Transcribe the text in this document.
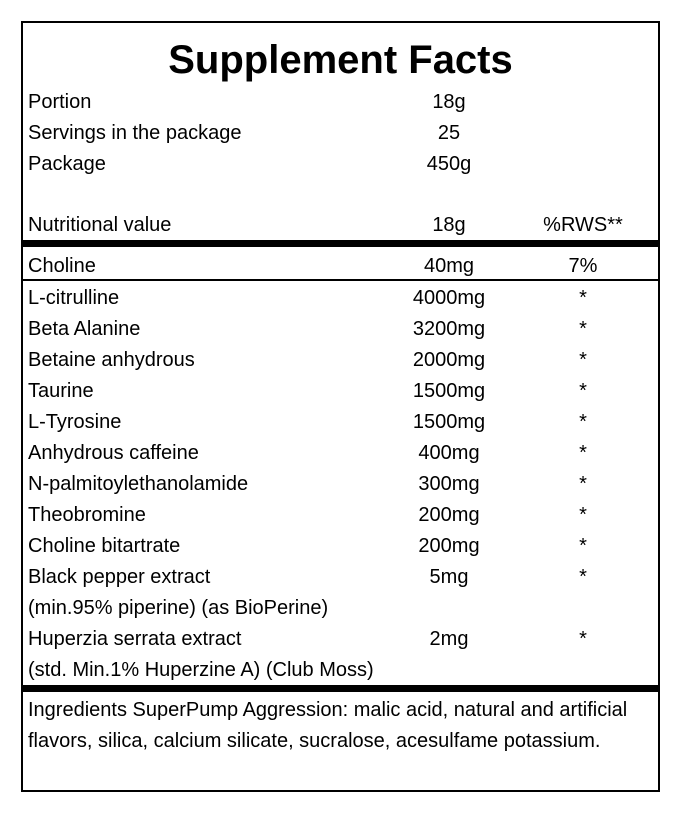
Supplement Facts
Portion	18g
Servings in the package	25
Package	450g
Nutritional value	18g	%RWS**
Choline	40mg	7%
L-citrulline	4000mg	*
Beta Alanine	3200mg	*
Betaine anhydrous	2000mg	*
Taurine	1500mg	*
L-Tyrosine	1500mg	*
Anhydrous caffeine	400mg	*
N-palmitoylethanolamide	300mg	*
Theobromine	200mg	*
Choline bitartrate	200mg	*
Black pepper extract	5mg	*
(min.95% piperine) (as BioPerine)
Huperzia serrata extract	2mg	*
(std. Min.1% Huperzine A) (Club Moss)
Ingredients SuperPump Aggression: malic acid, natural and artificial flavors, silica, calcium silicate, sucralose, acesulfame potassium.
